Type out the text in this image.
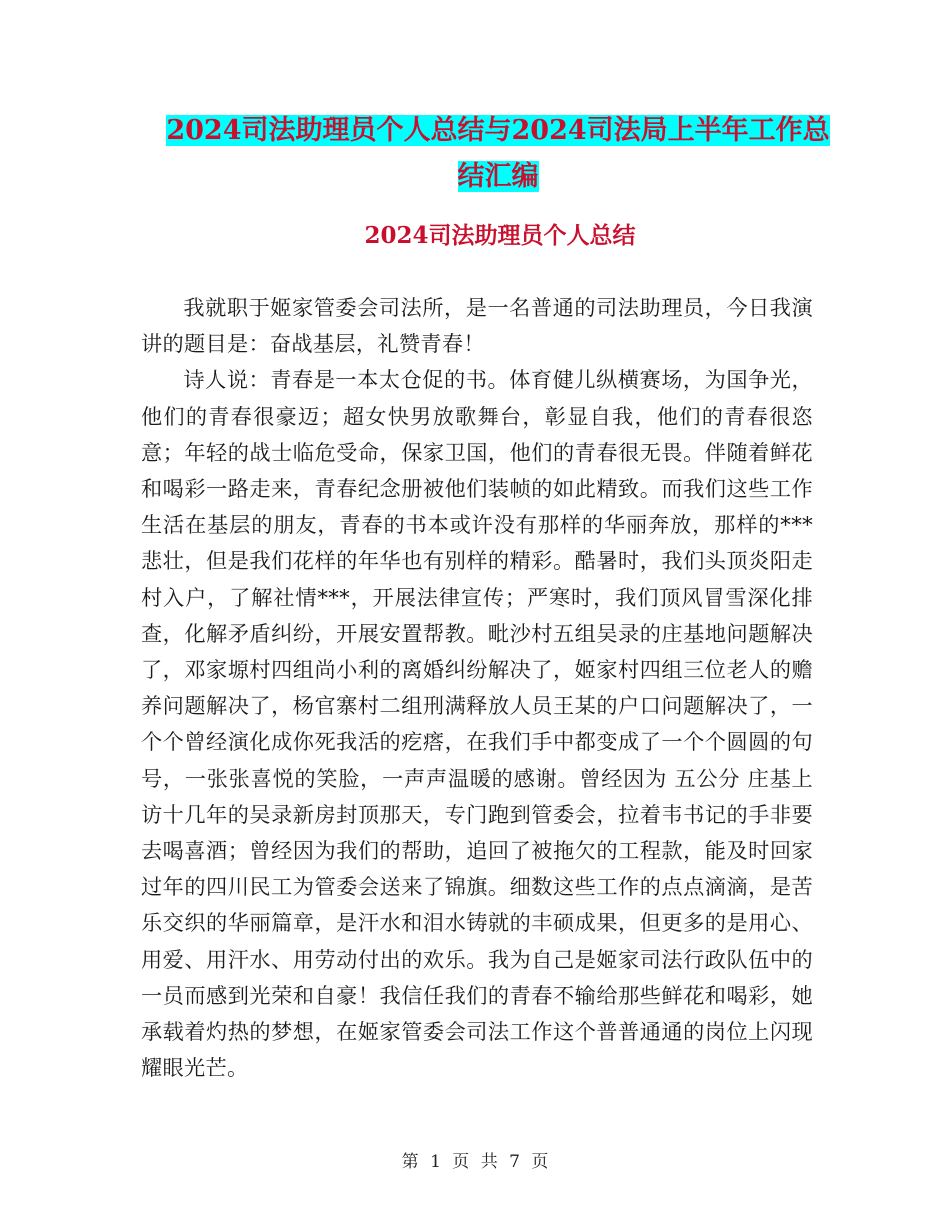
2024司法助理员个人总结与2024司法局上半年工作总
结汇编
2024司法助理员个人总结

我就职于姬家管委会司法所，是一名普通的司法助理员，今日我演讲的题目是：奋战基层，礼赞青春！

诗人说：青春是一本太仓促的书。体育健儿纵横赛场，为国争光，他们的青春很豪迈；超女快男放歌舞台，彰显自我，他们的青春很恣意；年轻的战士临危受命，保家卫国，他们的青春很无畏。伴随着鲜花和喝彩一路走来，青春纪念册被他们装帧的如此精致。而我们这些工作生活在基层的朋友，青春的书本或许没有那样的华丽奔放，那样的***悲壮，但是我们花样的年华也有别样的精彩。酷暑时，我们头顶炎阳走村入户，了解社情***，开展法律宣传；严寒时，我们顶风冒雪深化排查，化解矛盾纠纷，开展安置帮教。毗沙村五组吴录的庄基地问题解决了，邓家塬村四组尚小利的离婚纠纷解决了，姬家村四组三位老人的赡养问题解决了，杨官寨村二组刑满释放人员王某的户口问题解决了，一个个曾经演化成你死我活的疙瘩，在我们手中都变成了一个个圆圆的句号，一张张喜悦的笑脸，一声声温暖的感谢。曾经因为 五公分 庄基上访十几年的吴录新房封顶那天，专门跑到管委会，拉着韦书记的手非要去喝喜酒；曾经因为我们的帮助，追回了被拖欠的工程款，能及时回家过年的四川民工为管委会送来了锦旗。细数这些工作的点点滴滴，是苦乐交织的华丽篇章，是汗水和泪水铸就的丰硕成果，但更多的是用心、用爱、用汗水、用劳动付出的欢乐。我为自己是姬家司法行政队伍中的一员而感到光荣和自豪！我信任我们的青春不输给那些鲜花和喝彩，她承载着灼热的梦想，在姬家管委会司法工作这个普普通通的岗位上闪现耀眼光芒。

第 1 页 共 7 页
